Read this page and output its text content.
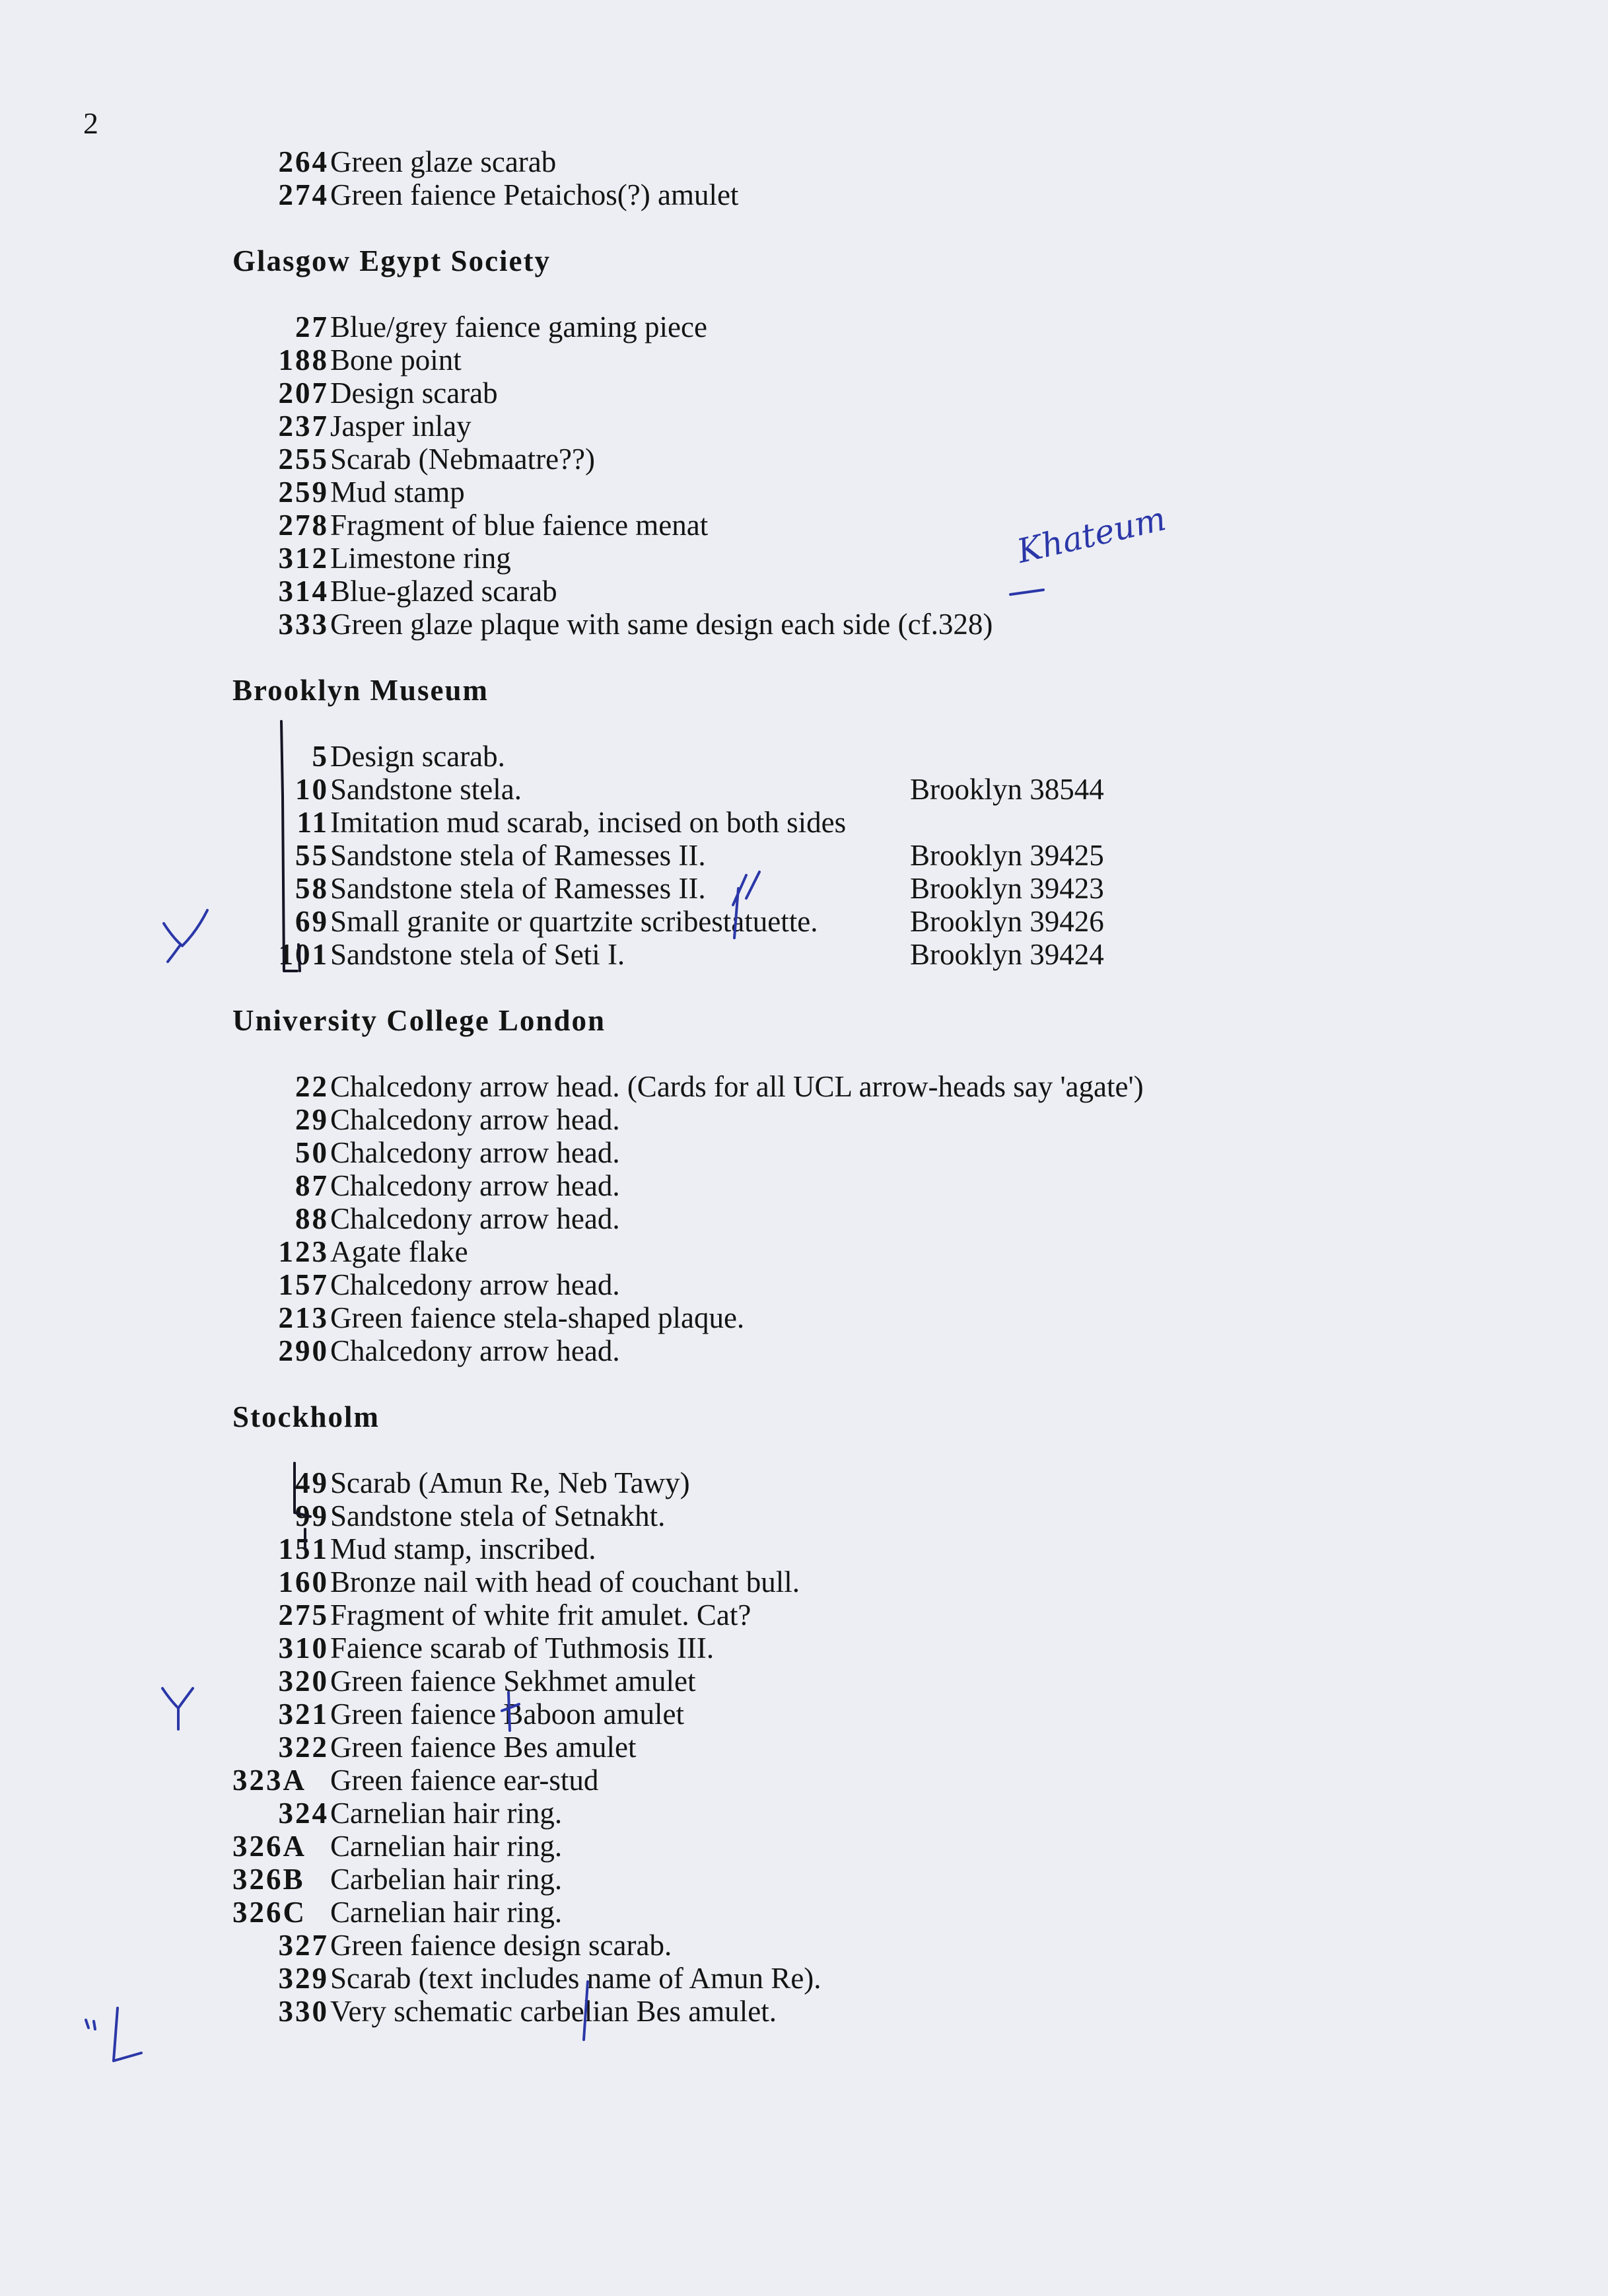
2
264 Green glaze scarab
274 Green faience Petaichos(?) amulet
Glasgow Egypt Society
27 Blue/grey faience gaming piece
188 Bone point
207 Design scarab
237 Jasper inlay
255 Scarab (Nebmaatre??)
259 Mud stamp
278 Fragment of blue faience menat
312 Limestone ring
314 Blue-glazed scarab
333 Green glaze plaque with same design each side (cf.328)
Brooklyn Museum
5 Design scarab.
10 Sandstone stela.	Brooklyn 38544
11 Imitation mud scarab, incised on both sides
55 Sandstone stela of Ramesses II.	Brooklyn 39425
58 Sandstone stela of Ramesses II.	Brooklyn 39423
69 Small granite or quartzite scribestatuette.	Brooklyn 39426
101 Sandstone stela of Seti I.	Brooklyn 39424
University College London
22 Chalcedony arrow head. (Cards for all UCL arrow-heads say 'agate')
29 Chalcedony arrow head.
50 Chalcedony arrow head.
87 Chalcedony arrow head.
88 Chalcedony arrow head.
123 Agate flake
157 Chalcedony arrow head.
213 Green faience stela-shaped plaque.
290 Chalcedony arrow head.
Stockholm
49 Scarab (Amun Re, Neb Tawy)
99 Sandstone stela of Setnakht.
151 Mud stamp, inscribed.
160 Bronze nail with head of couchant bull.
275 Fragment of white frit amulet. Cat?
310 Faience scarab of Tuthmosis III.
320 Green faience Sekhmet amulet
321 Green faience Baboon amulet
322 Green faience Bes amulet
323A Green faience ear-stud
324 Carnelian hair ring.
326A Carnelian hair ring.
326B Carbelian hair ring.
326C Carnelian hair ring.
327 Green faience design scarab.
329 Scarab (text includes name of Amun Re).
330 Very schematic carbelian Bes amulet.
Khateum
